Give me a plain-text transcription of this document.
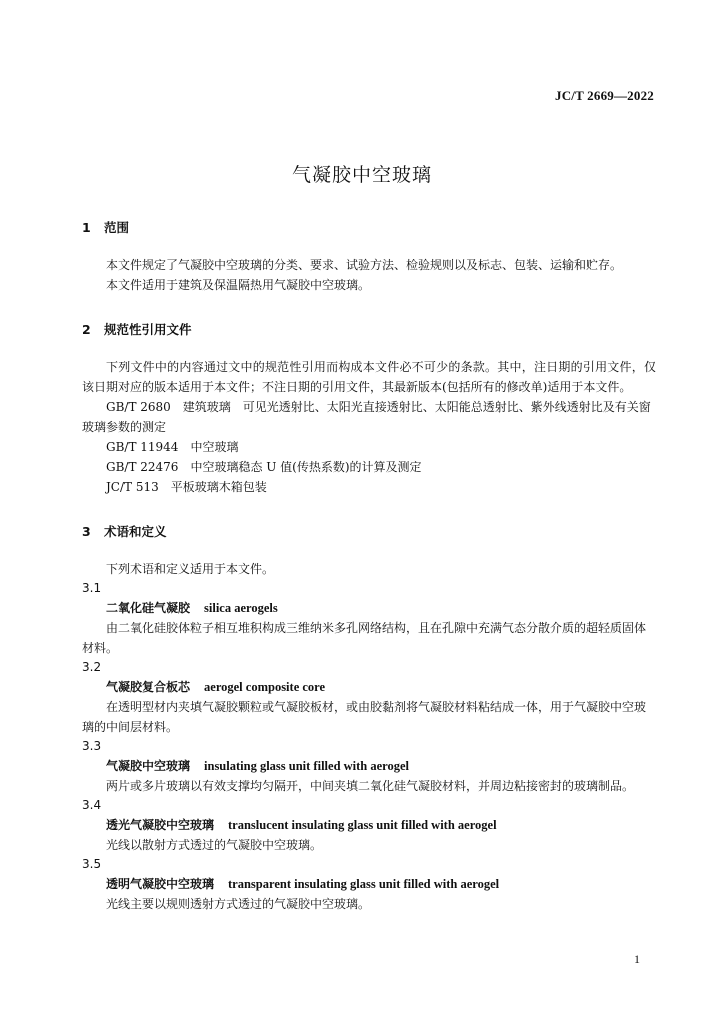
JC/T 2669—2022
气凝胶中空玻璃

1 范围

本文件规定了气凝胶中空玻璃的分类、要求、试验方法、检验规则以及标志、包装、运输和贮存。

本文件适用于建筑及保温隔热用气凝胶中空玻璃。

2 规范性引用文件

下列文件中的内容通过文中的规范性引用而构成本文件必不可少的条款。其中，注日期的引用文件，仅该日期对应的版本适用于本文件；不注日期的引用文件，其最新版本(包括所有的修改单)适用于本文件。

GB/T 2680　建筑玻璃　可见光透射比、太阳光直接透射比、太阳能总透射比、紫外线透射比及有关窗玻璃参数的测定

GB/T 11944　中空玻璃

GB/T 22476　中空玻璃稳态 U 值(传热系数)的计算及测定

JC/T 513　平板玻璃木箱包装

3 术语和定义

下列术语和定义适用于本文件。

3.1

二氧化硅气凝胶 silica aerogels

由二氧化硅胶体粒子相互堆积构成三维纳米多孔网络结构，且在孔隙中充满气态分散介质的超轻质固体材料。

3.2

气凝胶复合板芯 aerogel composite core

在透明型材内夹填气凝胶颗粒或气凝胶板材，或由胶黏剂将气凝胶材料粘结成一体，用于气凝胶中空玻璃的中间层材料。

3.3

气凝胶中空玻璃 insulating glass unit filled with aerogel

两片或多片玻璃以有效支撑均匀隔开，中间夹填二氧化硅气凝胶材料，并周边粘接密封的玻璃制品。

3.4

透光气凝胶中空玻璃 translucent insulating glass unit filled with aerogel

光线以散射方式透过的气凝胶中空玻璃。

3.5

透明气凝胶中空玻璃 transparent insulating glass unit filled with aerogel

光线主要以规则透射方式透过的气凝胶中空玻璃。

1
